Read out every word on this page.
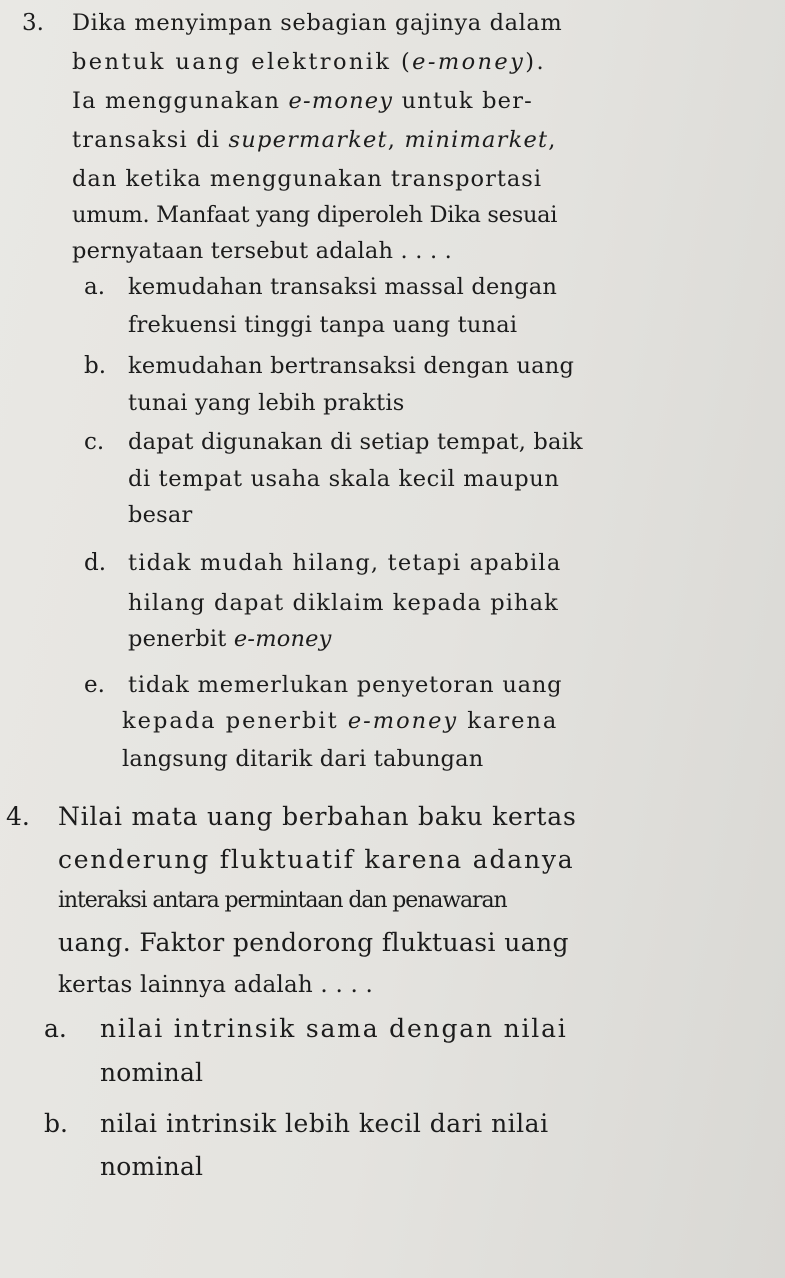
3. Dika menyimpan sebagian gajinya dalam
bentuk uang elektronik (e-money).
Ia menggunakan e-money untuk ber-
transaksi di supermarket, minimarket,
dan ketika menggunakan transportasi
umum. Manfaat yang diperoleh Dika sesuai
pernyataan tersebut adalah . . . .
a. kemudahan transaksi massal dengan
frekuensi tinggi tanpa uang tunai
b. kemudahan bertransaksi dengan uang
tunai yang lebih praktis
c. dapat digunakan di setiap tempat, baik
di tempat usaha skala kecil maupun
besar
d. tidak mudah hilang, tetapi apabila
hilang dapat diklaim kepada pihak
penerbit e-money
e. tidak memerlukan penyetoran uang
kepada penerbit e-money karena
langsung ditarik dari tabungan
4. Nilai mata uang berbahan baku kertas
cenderung fluktuatif karena adanya
interaksi antara permintaan dan penawaran
uang. Faktor pendorong fluktuasi uang
kertas lainnya adalah . . . .
a. nilai intrinsik sama dengan nilai
nominal
b. nilai intrinsik lebih kecil dari nilai
nominal
